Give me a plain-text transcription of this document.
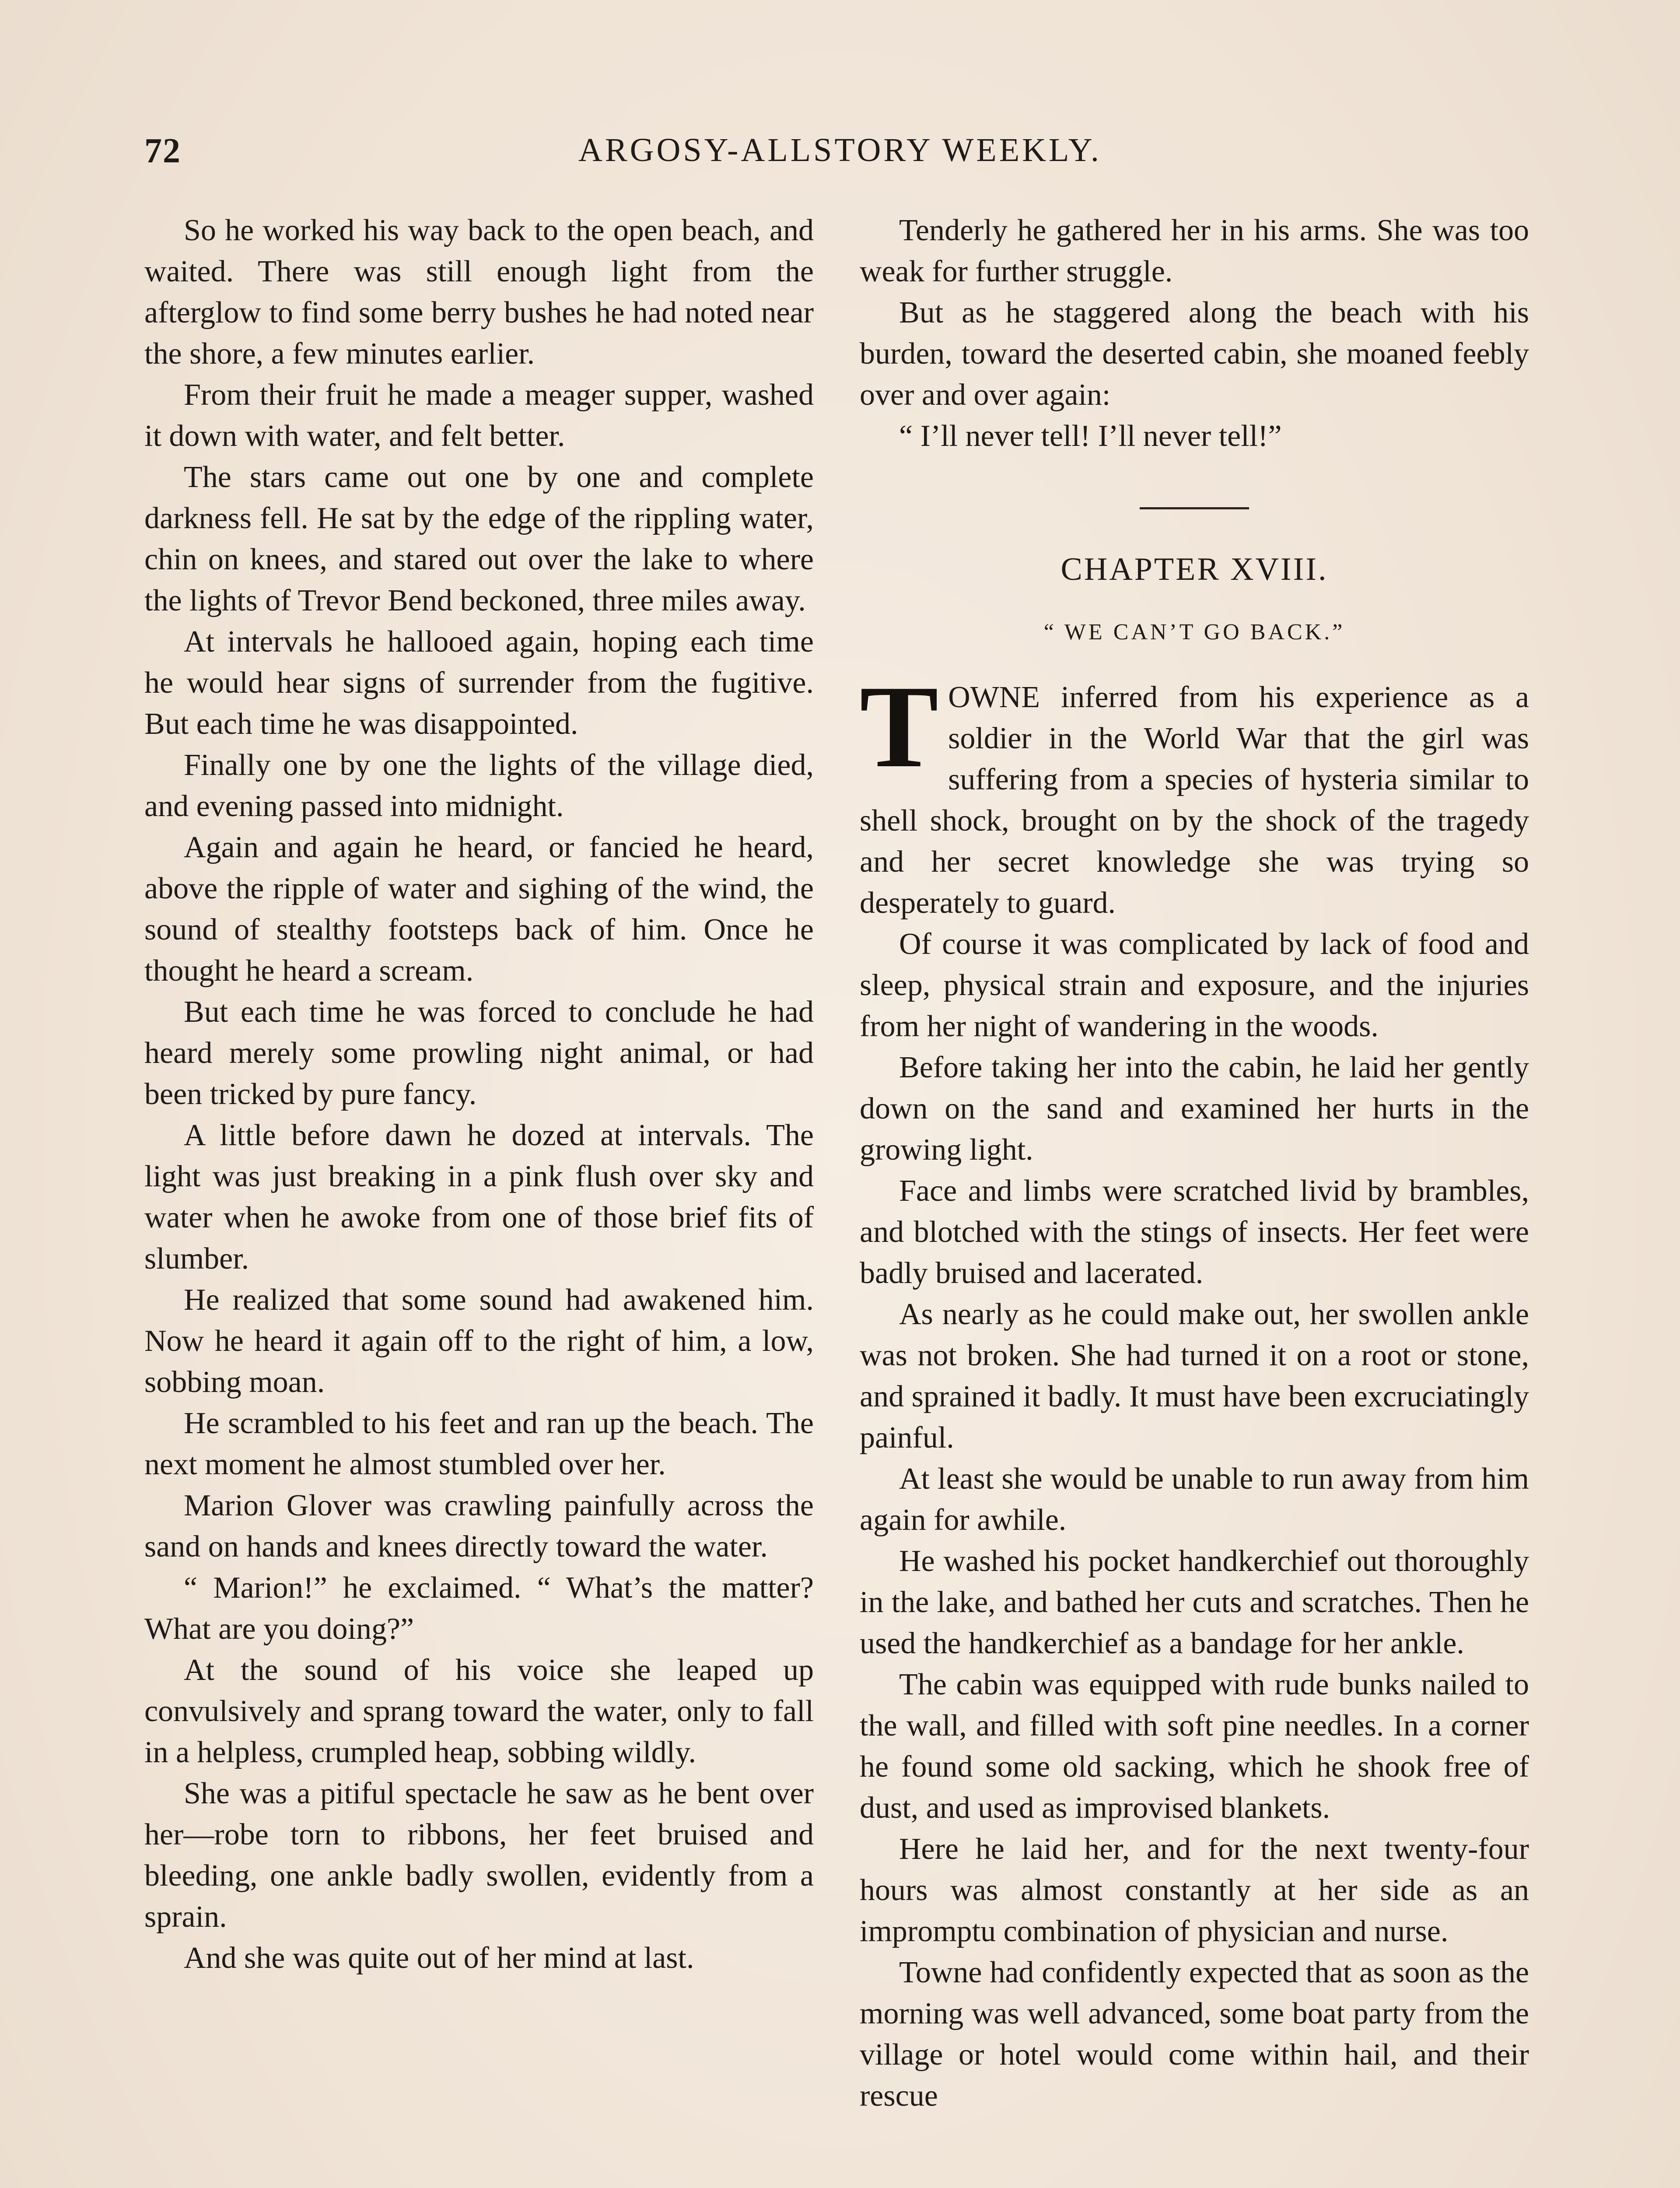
72	ARGOSY-ALLSTORY WEEKLY.

So he worked his way back to the open beach, and waited. There was still enough light from the afterglow to find some berry bushes he had noted near the shore, a few minutes earlier.

From their fruit he made a meager supper, washed it down with water, and felt better.

The stars came out one by one and complete darkness fell. He sat by the edge of the rippling water, chin on knees, and stared out over the lake to where the lights of Trevor Bend beckoned, three miles away.

At intervals he hallooed again, hoping each time he would hear signs of surrender from the fugitive. But each time he was disappointed.

Finally one by one the lights of the village died, and evening passed into midnight.

Again and again he heard, or fancied he heard, above the ripple of water and sighing of the wind, the sound of stealthy footsteps back of him. Once he thought he heard a scream.

But each time he was forced to conclude he had heard merely some prowling night animal, or had been tricked by pure fancy.

A little before dawn he dozed at intervals. The light was just breaking in a pink flush over sky and water when he awoke from one of those brief fits of slumber.

He realized that some sound had awakened him. Now he heard it again off to the right of him, a low, sobbing moan.

He scrambled to his feet and ran up the beach. The next moment he almost stumbled over her.

Marion Glover was crawling painfully across the sand on hands and knees directly toward the water.

“ Marion!” he exclaimed. “ What’s the matter? What are you doing?”

At the sound of his voice she leaped up convulsively and sprang toward the water, only to fall in a helpless, crumpled heap, sobbing wildly.

She was a pitiful spectacle he saw as he bent over her—robe torn to ribbons, her feet bruised and bleeding, one ankle badly swollen, evidently from a sprain.

And she was quite out of her mind at last.

Tenderly he gathered her in his arms. She was too weak for further struggle.

But as he staggered along the beach with his burden, toward the deserted cabin, she moaned feebly over and over again:

“ I’ll never tell! I’ll never tell!”

CHAPTER XVIII.
“ WE CAN’T GO BACK.”

TOWNE inferred from his experience as a soldier in the World War that the girl was suffering from a species of hysteria similar to shell shock, brought on by the shock of the tragedy and her secret knowledge she was trying so desperately to guard.

Of course it was complicated by lack of food and sleep, physical strain and exposure, and the injuries from her night of wandering in the woods.

Before taking her into the cabin, he laid her gently down on the sand and examined her hurts in the growing light.

Face and limbs were scratched livid by brambles, and blotched with the stings of insects. Her feet were badly bruised and lacerated.

As nearly as he could make out, her swollen ankle was not broken. She had turned it on a root or stone, and sprained it badly. It must have been excruciatingly painful.

At least she would be unable to run away from him again for awhile.

He washed his pocket handkerchief out thoroughly in the lake, and bathed her cuts and scratches. Then he used the handkerchief as a bandage for her ankle.

The cabin was equipped with rude bunks nailed to the wall, and filled with soft pine needles. In a corner he found some old sacking, which he shook free of dust, and used as improvised blankets.

Here he laid her, and for the next twenty-four hours was almost constantly at her side as an impromptu combination of physician and nurse.

Towne had confidently expected that as soon as the morning was well advanced, some boat party from the village or hotel would come within hail, and their rescue
